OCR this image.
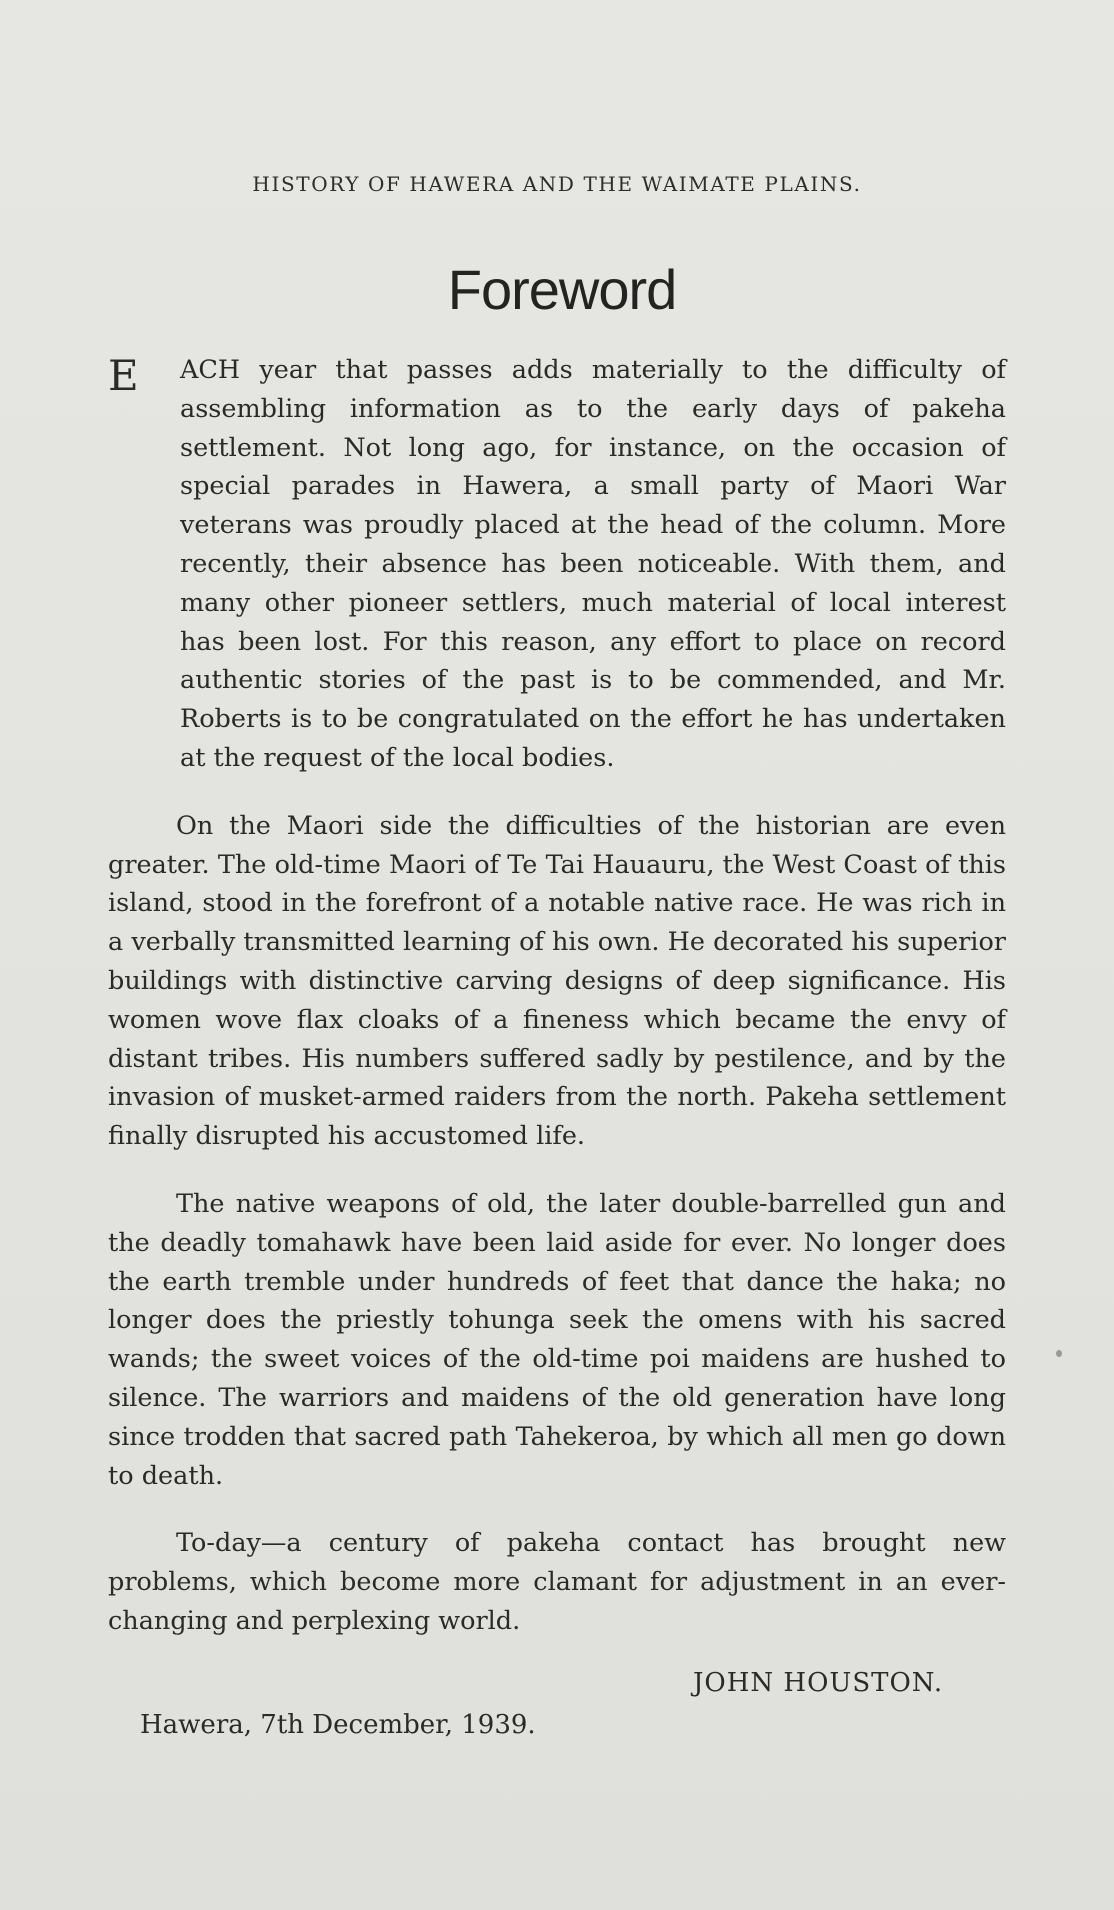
HISTORY OF HAWERA AND THE WAIMATE PLAINS.
Foreword

E ACH year that passes adds materially to the difficulty of assembling information as to the early days of pakeha settlement. Not long ago, for instance, on the occasion of special parades in Hawera, a small party of Maori War veterans was proudly placed at the head of the column. More recently, their absence has been noticeable. With them, and many other pioneer settlers, much material of local interest has been lost. For this reason, any effort to place on record authentic stories of the past is to be commended, and Mr. Roberts is to be congratulated on the effort he has undertaken at the request of the local bodies.

On the Maori side the difficulties of the historian are even greater. The old-time Maori of Te Tai Hauauru, the West Coast of this island, stood in the forefront of a notable native race. He was rich in a verbally transmitted learning of his own. He decorated his superior buildings with distinctive carving designs of deep significance. His women wove flax cloaks of a fineness which became the envy of distant tribes. His numbers suffered sadly by pestilence, and by the invasion of musket-armed raiders from the north. Pakeha settlement finally disrupted his accustomed life.

The native weapons of old, the later double-barrelled gun and the deadly tomahawk have been laid aside for ever. No longer does the earth tremble under hundreds of feet that dance the haka; no longer does the priestly tohunga seek the omens with his sacred wands; the sweet voices of the old-time poi maidens are hushed to silence. The warriors and maidens of the old generation have long since trodden that sacred path Tahekeroa, by which all men go down to death.

To-day—a century of pakeha contact has brought new problems, which become more clamant for adjustment in an ever-changing and perplexing world.

JOHN HOUSTON.
Hawera, 7th December, 1939.
